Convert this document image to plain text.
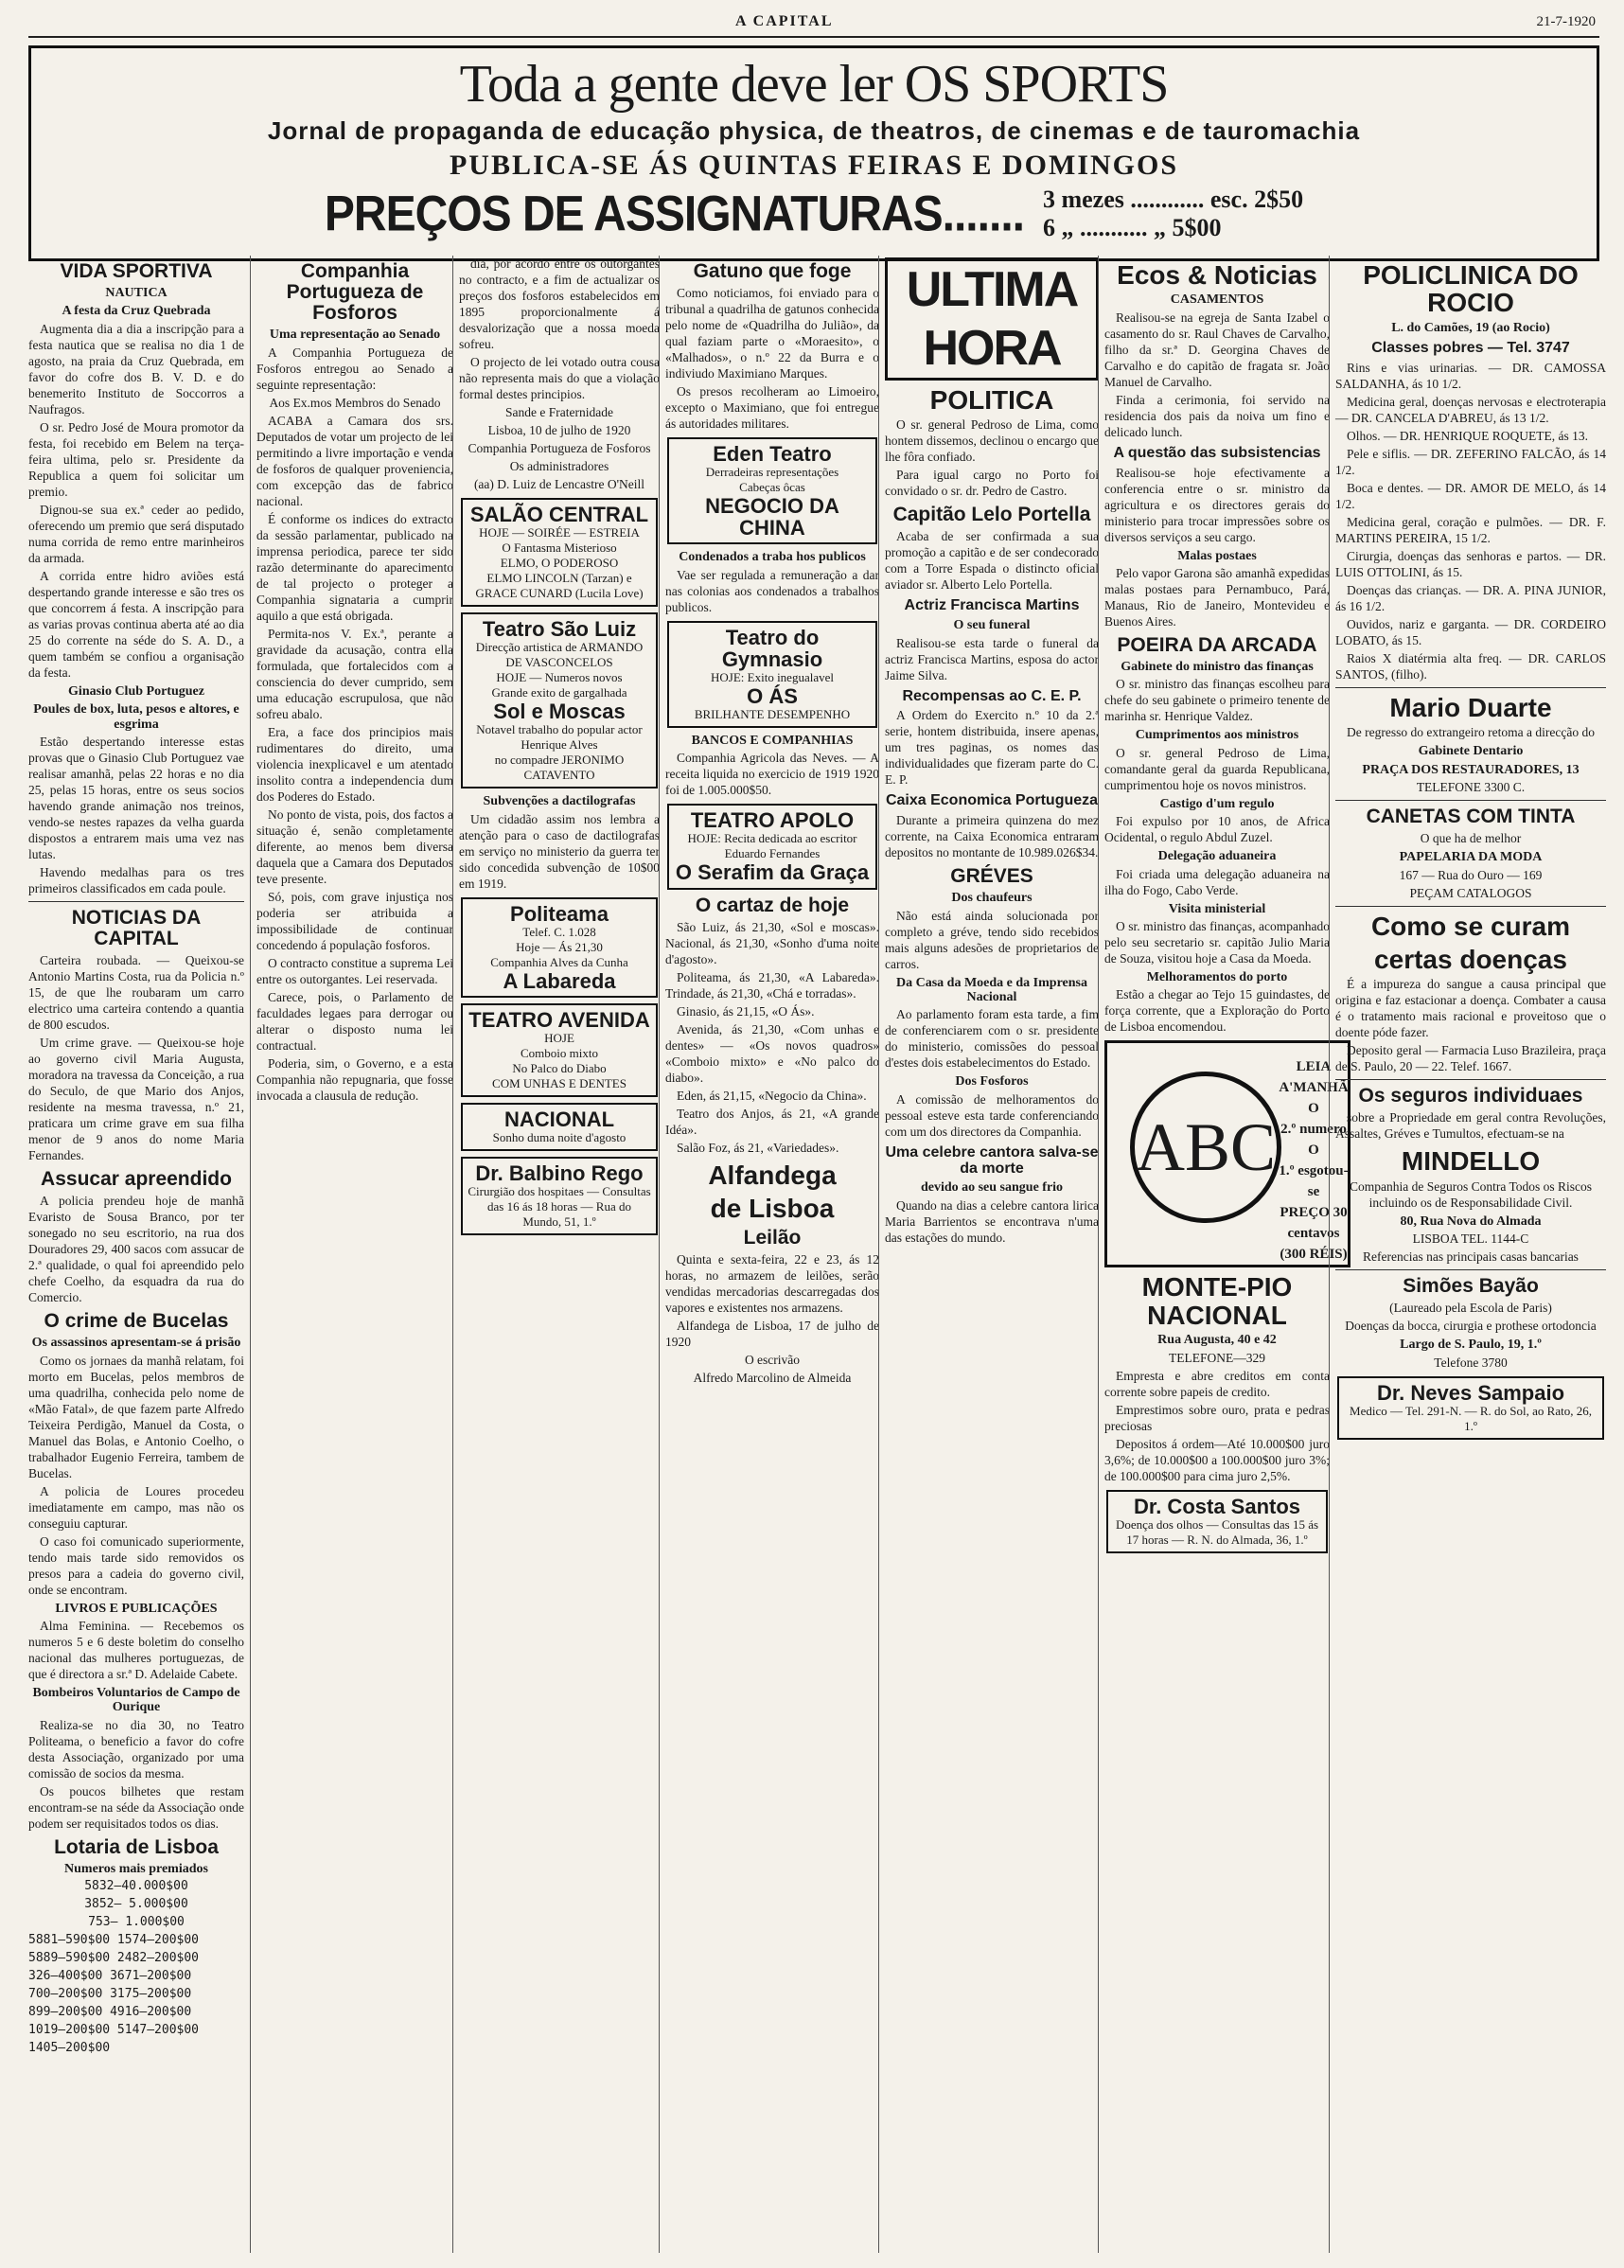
A CAPITAL	21-7-1920
Toda a gente deve ler OS SPORTS
Jornal de propaganda de educação physica, de theatros, de cinemas e de tauromachia
PUBLICA-SE ÁS QUINTAS FEIRAS E DOMINGOS
PREÇOS DE ASSIGNATURAS....... 3 mezes ............ esc. 2$50
6 „ ........... „ 5$00
VIDA SPORTIVA
NAUTICA
A festa da Cruz Quebrada

Augmenta dia a dia a inscripção para a festa nautica que se realisa no dia 1 de agosto, na praia da Cruz Quebrada, em favor do cofre dos B. V. D. e do benemerito Instituto de Soccorros a Naufragos.

O sr. Pedro José de Moura promotor da festa, foi recebido em Belem na terça-feira ultima, pelo sr. Presidente da Republica a quem foi solicitar um premio.

Dignou-se sua ex.ª ceder ao pedido, oferecendo um premio que será disputado numa corrida de remo entre marinheiros da armada.

A corrida entre hidro aviões está despertando grande interesse e são tres os que concorrem á festa. A inscripção para as varias provas continua aberta até ao dia 25 do corrente na séde do S. A. D., a quem também se confiou a organisação da festa.

Ginasio Club Portuguez
Poules de box, luta, pesos e altores, e esgrima

Estão despertando interesse estas provas que o Ginasio Club Portuguez vae realisar amanhã, pelas 22 horas e no dia 25, pelas 15 horas, entre os seus socios havendo grande animação nos treinos, vendo-se nestes rapazes da velha guarda dispostos a entrarem mais uma vez nas lutas.

Havendo medalhas para os tres primeiros classificados em cada poule.

NOTICIAS DA CAPITAL

Carteira roubada. — Queixou-se Antonio Martins Costa, rua da Policia n.º 15, de que lhe roubaram um carro electrico uma carteira contendo a quantia de 800 escudos.

Um crime grave. — Queixou-se hoje ao governo civil Maria Augusta, moradora na travessa da Conceição, a rua do Seculo, de que Mario dos Anjos, residente na mesma travessa, n.º 21, praticara um crime grave em sua filha menor de 9 anos do nome Maria Fernandes.

Assucar apreendido

A policia prendeu hoje de manhã Evaristo de Sousa Branco, por ter sonegado no seu escritorio, na rua dos Douradores 29, 400 sacos com assucar de 2.ª qualidade, o qual foi apreendido pelo chefe Coelho, da esquadra da rua do Comercio.

O crime de Bucelas
Os assassinos apresentam-se á prisão

Como os jornaes da manhã relatam, foi morto em Bucelas, pelos membros de uma quadrilha, conhecida pelo nome de «Mão Fatal», de que fazem parte Alfredo Teixeira Perdigão, Manuel da Costa, o Manuel das Bolas, e Antonio Coelho, o trabalhador Eugenio Ferreira, tambem de Bucelas.

A policia de Loures procedeu imediatamente em campo, mas não os conseguiu capturar.

O caso foi comunicado superiormente, tendo mais tarde sido removidos os presos para a cadeia do governo civil, onde se encontram.

LIVROS E PUBLICAÇÕES

Alma Feminina. — Recebemos os numeros 5 e 6 deste boletim do conselho nacional das mulheres portuguezas, de que é directora a sr.ª D. Adelaide Cabete.

Bombeiros Voluntarios de Campo de Ourique

Realiza-se no dia 30, no Teatro Politeama, o beneficio a favor do cofre desta Associação, organizado por uma comissão de socios da mesma.

Os poucos bilhetes que restam encontram-se na séde da Associação onde podem ser requisitados todos os dias.

Lotaria de Lisboa
Numeros mais premiados

5832—40.000$00

3852— 5.000$00

753— 1.000$00

5881—590$00 1574—200$00

5889—590$00 2482—200$00

326—400$00 3671—200$00

700—200$00 3175—200$00

899—200$00 4916—200$00

1019—200$00 5147—200$00

1405—200$00

Companhia Portugueza de Fosforos
Uma representação ao Senado

A Companhia Portugueza de Fosforos entregou ao Senado a seguinte representação:

Aos Ex.mos Membros do Senado

ACABA a Camara dos srs. Deputados de votar um projecto de lei permitindo a livre importação e venda de fosforos de qualquer proveniencia, com excepção das de fabrico nacional.

É conforme os indices do extracto da sessão parlamentar, publicado na imprensa periodica, parece ter sido razão determinante do aparecimento de tal projecto o proteger a Companhia signataria a cumprir aquilo a que está obrigada.

Permita-nos V. Ex.ª, perante a gravidade da acusação, contra ella formulada, que fortalecidos com a consciencia do dever cumprido, sem uma educação escrupulosa, que não sofreu abalo.

Era, a face dos principios mais rudimentares do direito, uma violencia inexplicavel e um atentado insolito contra a independencia dum dos Poderes do Estado.

No ponto de vista, pois, dos factos a situação é, senão completamente diferente, ao menos bem diversa daquela que a Camara dos Deputados teve presente.

Só, pois, com grave injustiça nos poderia ser atribuida a impossibilidade de continuar concedendo á população fosforos.

O contracto constitue a suprema Lei entre os outorgantes. Lei reservada.

Carece, pois, o Parlamento de faculdades legaes para derrogar ou alterar o disposto numa lei contractual.

Poderia, sim, o Governo, e a esta Companhia não repugnaria, que fosse invocada a clausula de redução.

dia, por acordo entre os outorgantes no contracto, e a fim de actualizar os preços dos fosforos estabelecidos em 1895 proporcionalmente á desvalorização que a nossa moeda sofreu.

O projecto de lei votado outra cousa não representa mais do que a violação formal destes principios.

Sande e Fraternidade

Lisboa, 10 de julho de 1920

Companhia Portugueza de Fosforos

Os administradores

(aa) D. Luiz de Lencastre O'Neill

SALÃO CENTRAL
HOJE — SOIRÉE — ESTREIA
O Fantasma Misterioso
ELMO, O PODEROSO
ELMO LINCOLN (Tarzan) e GRACE CUNARD (Lucila Love)
Teatro São Luiz
Direcção artistica de ARMANDO DE VASCONCELOS
HOJE — Numeros novos
Grande exito de gargalhada
Sol e Moscas
Notavel trabalho do popular actor Henrique Alves
no compadre JERONIMO CATAVENTO
Subvenções a dactilografas

Um cidadão assim nos lembra a atenção para o caso de dactilografas em serviço no ministerio da guerra ter sido concedida subvenção de 10$00 em 1919.

Politeama
Telef. C. 1.028
Hoje — Ás 21,30
Companhia Alves da Cunha
A Labareda
TEATRO AVENIDA
HOJE
Comboio mixto
No Palco do Diabo
COM UNHAS E DENTES
NACIONAL
Sonho duma noite d'agosto
Dr. Balbino Rego
Cirurgião dos hospitaes — Consultas das 16 ás 18 horas — Rua do Mundo, 51, 1.º
Gatuno que foge

Como noticiamos, foi enviado para o tribunal a quadrilha de gatunos conhecida pelo nome de «Quadrilha do Julião», da qual faziam parte o «Moraesito», o «Malhados», o n.º 22 da Burra e o indiviudo Maximiano Marques.

Os presos recolheram ao Limoeiro, excepto o Maximiano, que foi entregue ás autoridades militares.

Eden Teatro
Derradeiras representações
Cabeças ôcas
NEGOCIO DA CHINA
Condenados a traba hos publicos

Vae ser regulada a remuneração a dar nas colonias aos condenados a trabalhos publicos.

Teatro do Gymnasio
HOJE: Exito inegualavel
O ÁS
BRILHANTE DESEMPENHO
BANCOS E COMPANHIAS

Companhia Agricola das Neves. — A receita liquida no exercicio de 1919 1920 foi de 1.005.000$50.

TEATRO APOLO
HOJE: Recita dedicada ao escritor Eduardo Fernandes
O Serafim da Graça
O cartaz de hoje

São Luiz, ás 21,30, «Sol e moscas». Nacional, ás 21,30, «Sonho d'uma noite d'agosto».

Politeama, ás 21,30, «A Labareda». Trindade, ás 21,30, «Chá e torradas».

Ginasio, ás 21,15, «O Ás».

Avenida, ás 21,30, «Com unhas e dentes» — «Os novos quadros» «Comboio mixto» e «No palco do diabo».

Eden, ás 21,15, «Negocio da China».

Teatro dos Anjos, ás 21, «A grande Idéa».

Salão Foz, ás 21, «Variedades».

Alfandega
de Lisboa
Leilão

Quinta e sexta-feira, 22 e 23, ás 12 horas, no armazem de leilões, serão vendidas mercadorias descarregadas dos vapores e existentes nos armazens.

Alfandega de Lisboa, 17 de julho de 1920

O escrivão

Alfredo Marcolino de Almeida

ULTIMA HORA
POLITICA

O sr. general Pedroso de Lima, como hontem dissemos, declinou o encargo que lhe fôra confiado.

Para igual cargo no Porto foi convidado o sr. dr. Pedro de Castro.

Capitão Lelo Portella

Acaba de ser confirmada a sua promoção a capitão e de ser condecorado com a Torre Espada o distincto oficial aviador sr. Alberto Lelo Portella.

Actriz Francisca Martins
O seu funeral

Realisou-se esta tarde o funeral da actriz Francisca Martins, esposa do actor Jaime Silva.

Recompensas ao C. E. P.

A Ordem do Exercito n.º 10 da 2.ª serie, hontem distribuida, insere apenas, um tres paginas, os nomes das individualidades que fizeram parte do C. E. P.

Caixa Economica Portugueza

Durante a primeira quinzena do mez corrente, na Caixa Economica entraram depositos no montante de 10.989.026$34.

GRÉVES
Dos chaufeurs

Não está ainda solucionada por completo a gréve, tendo sido recebidos mais alguns adesões de proprietarios de carros.

Da Casa da Moeda e da Imprensa Nacional

Ao parlamento foram esta tarde, a fim de conferenciarem com o sr. presidente do ministerio, comissões do pessoal d'estes dois estabelecimentos do Estado.

Dos Fosforos

A comissão de melhoramentos do pessoal esteve esta tarde conferenciando com um dos directores da Companhia.

Uma celebre cantora salva-se da morte
devido ao seu sangue frio

Quando na dias a celebre cantora lirica Maria Barrientos se encontrava n'uma das estações do mundo.

Ecos & Noticias
CASAMENTOS

Realisou-se na egreja de Santa Izabel o casamento do sr. Raul Chaves de Carvalho, filho da sr.ª D. Georgina Chaves de Carvalho e do capitão de fragata sr. João Manuel de Carvalho.

Finda a cerimonia, foi servido na residencia dos pais da noiva um fino e delicado lunch.

A questão das subsistencias

Realisou-se hoje efectivamente a conferencia entre o sr. ministro da agricultura e os directores gerais do ministerio para trocar impressões sobre os diversos serviços a seu cargo.

Malas postaes

Pelo vapor Garona são amanhã expedidas malas postaes para Pernambuco, Pará, Manaus, Rio de Janeiro, Montevideu e Buenos Aires.

POEIRA DA ARCADA
Gabinete do ministro das finanças

O sr. ministro das finanças escolheu para chefe do seu gabinete o primeiro tenente de marinha sr. Henrique Valdez.

Cumprimentos aos ministros

O sr. general Pedroso de Lima, comandante geral da guarda Republicana, cumprimentou hoje os novos ministros.

Castigo d'um regulo

Foi expulso por 10 anos, de Africa Ocidental, o regulo Abdul Zuzel.

Delegação aduaneira

Foi criada uma delegação aduaneira na ilha do Fogo, Cabo Verde.

Visita ministerial

O sr. ministro das finanças, acompanhado pelo seu secretario sr. capitão Julio Maria de Souza, visitou hoje a Casa da Moeda.

Melhoramentos do porto

Estão a chegar ao Tejo 15 guindastes, de força corrente, que a Exploração do Porto de Lisboa encomendou.

ABC
LEIA
A'MANHÃ
O
2.º numero
O
1.º esgotou-se
PREÇO 30 centavos
(300 RÉIS)
MONTE-PIO NACIONAL
Rua Augusta, 40 e 42

TELEFONE—329

Empresta e abre creditos em conta corrente sobre papeis de credito.

Emprestimos sobre ouro, prata e pedras preciosas

Depositos á ordem—Até 10.000$00 juro 3,6%; de 10.000$00 a 100.000$00 juro 3%; de 100.000$00 para cima juro 2,5%.

Dr. Costa Santos
Doença dos olhos — Consultas das 15 ás 17 horas — R. N. do Almada, 36, 1.º
POLICLINICA DO ROCIO
L. do Camões, 19 (ao Rocio)
Classes pobres — Tel. 3747

Rins e vias urinarias. — DR. CAMOSSA SALDANHA, ás 10 1/2.

Medicina geral, doenças nervosas e electroterapia — DR. CANCELA D'ABREU, ás 13 1/2.

Olhos. — DR. HENRIQUE ROQUETE, ás 13.

Pele e siflis. — DR. ZEFERINO FALCÃO, ás 14 1/2.

Boca e dentes. — DR. AMOR DE MELO, ás 14 1/2.

Medicina geral, coração e pulmões. — DR. F. MARTINS PEREIRA, 15 1/2.

Cirurgia, doenças das senhoras e partos. — DR. LUIS OTTOLINI, ás 15.

Doenças das crianças. — DR. A. PINA JUNIOR, ás 16 1/2.

Ouvidos, nariz e garganta. — DR. CORDEIRO LOBATO, ás 15.

Raios X diatérmia alta freq. — DR. CARLOS SANTOS, (filho).

Mario Duarte

De regresso do extrangeiro retoma a direcção do

Gabinete Dentario
PRAÇA DOS RESTAURADORES, 13

TELEFONE 3300 C.

CANETAS COM TINTA

O que ha de melhor

PAPELARIA DA MODA

167 — Rua do Ouro — 169

PEÇAM CATALOGOS

Como se curam
certas doenças

É a impureza do sangue a causa principal que origina e faz estacionar a doença. Combater a causa é o tratamento mais racional e proveitoso que o doente póde fazer.

Deposito geral — Farmacia Luso Brazileira, praça de S. Paulo, 20 — 22. Telef. 1667.

Os seguros individuaes

sobre a Propriedade em geral contra Revoluções, Assaltes, Gréves e Tumultos, efectuam-se na

MINDELLO

Companhia de Seguros Contra Todos os Riscos incluindo os de Responsabilidade Civil.

80, Rua Nova do Almada

LISBOA TEL. 1144-C

Referencias nas principais casas bancarias

Simões Bayão

(Laureado pela Escola de Paris)

Doenças da bocca, cirurgia e prothese ortodoncia

Largo de S. Paulo, 19, 1.º

Telefone 3780

Dr. Neves Sampaio
Medico — Tel. 291-N. — R. do Sol, ao Rato, 26, 1.º
